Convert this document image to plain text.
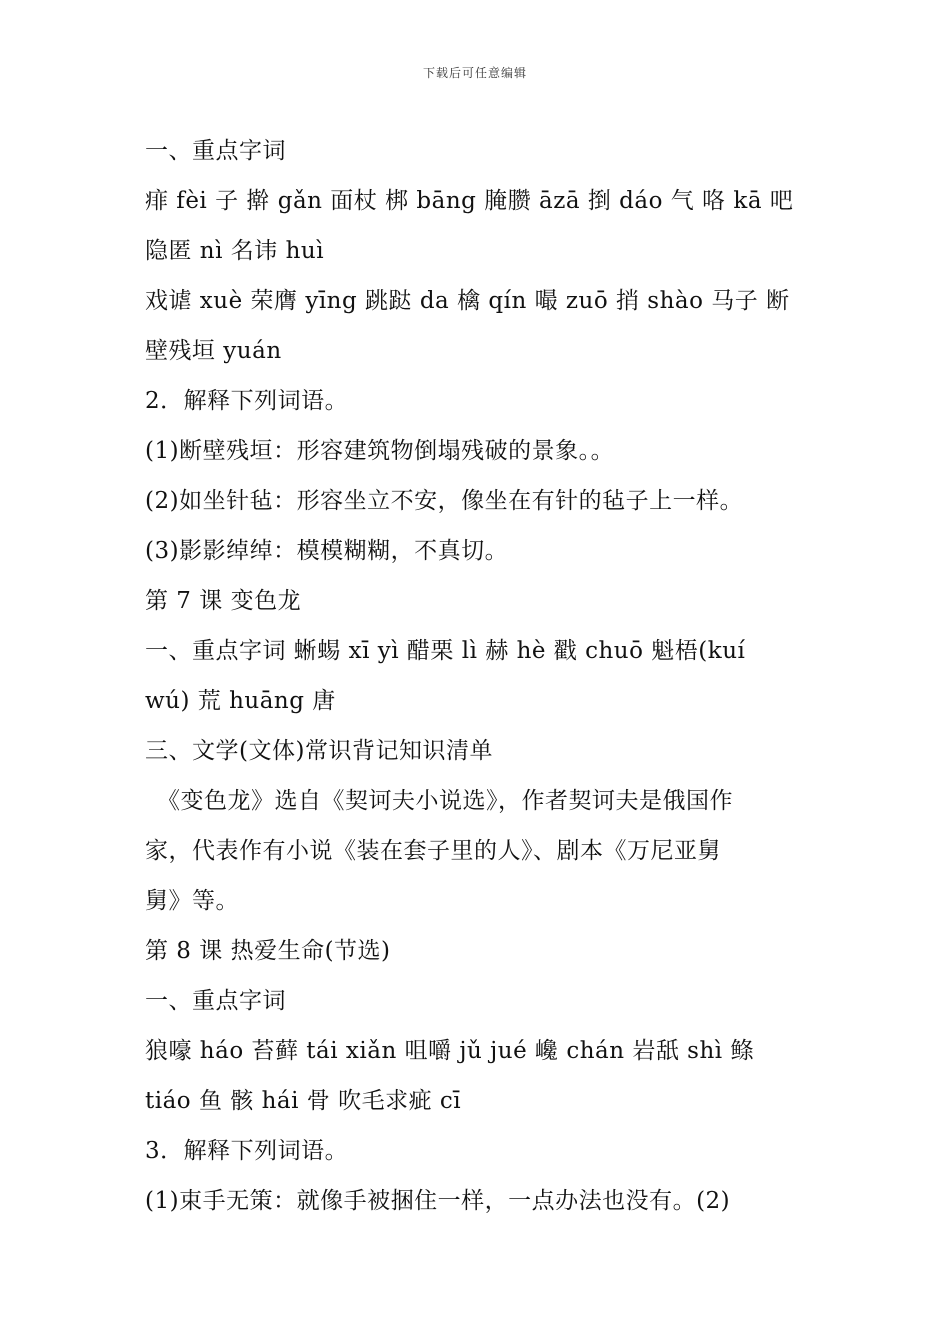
下载后可任意编辑
一、重点字词
痱 fèi 子 擀 gǎn 面杖 梆 bāng 腌臜 āzā 捯 dáo 气 咯 kā 吧
隐匿 nì 名讳 huì
戏谑 xuè 荣膺 yīng 跳跶 da 檎 qín 嘬 zuō 捎 shào 马子 断
壁残垣 yuán
2．解释下列词语。
(1)断壁残垣：形容建筑物倒塌残破的景象。。
(2)如坐针毡：形容坐立不安，像坐在有针的毡子上一样。
(3)影影绰绰：模模糊糊，不真切。
第 7 课 变色龙
一、重点字词 蜥蜴 xī yì 醋栗 lì 赫 hè 戳 chuō 魁梧(kuí
wú) 荒 huāng 唐
三、文学(文体)常识背记知识清单
《变色龙》选自《契诃夫小说选》，作者契诃夫是俄国作
家，代表作有小说《装在套子里的人》、剧本《万尼亚舅
舅》等。
第 8 课 热爱生命(节选)
一、重点字词
狼嚎 háo 苔藓 tái xiǎn 咀嚼 jǔ jué 巉 chán 岩舐 shì 鲦
tiáo 鱼 骸 hái 骨 吹毛求疵 cī
3．解释下列词语。
(1)束手无策：就像手被捆住一样，一点办法也没有。(2)
